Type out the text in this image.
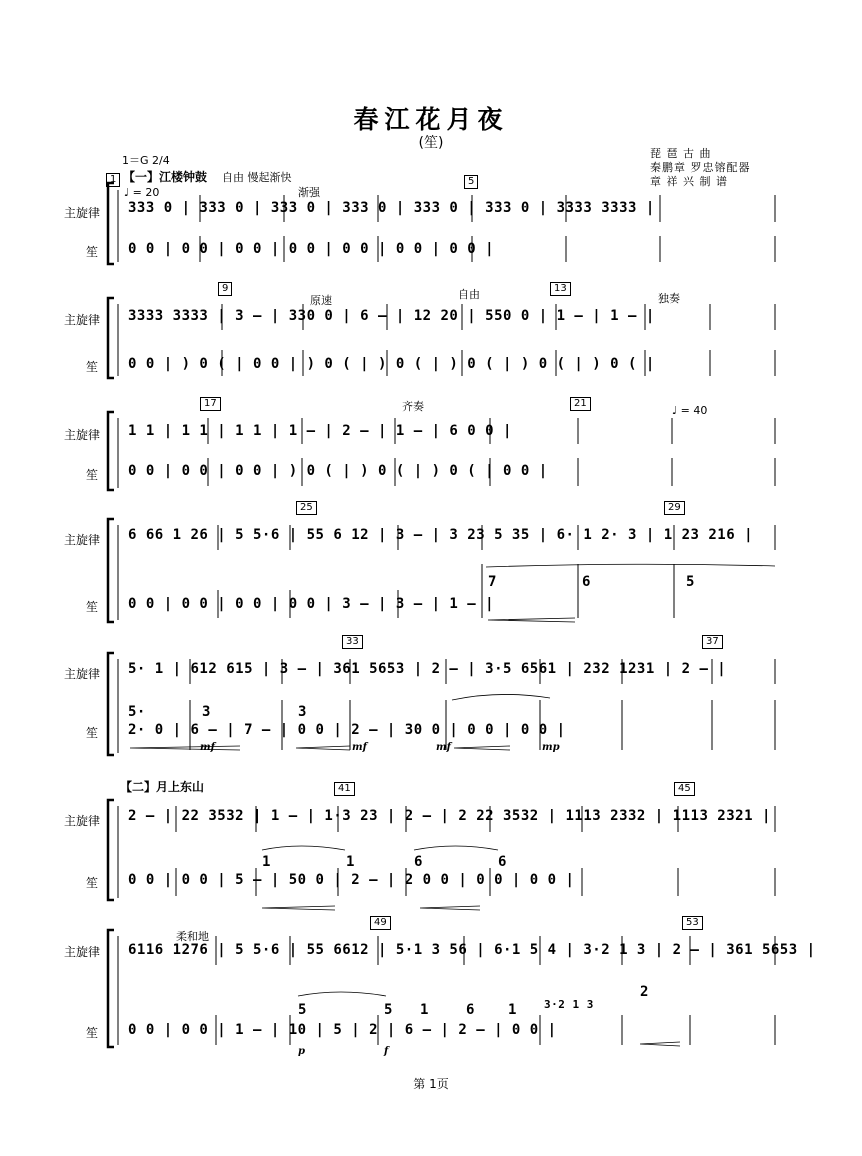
春江花月夜
(笙)
1＝G 2/4
琵 琶 古 曲
秦鹏章 罗忠镕配器
章 祥 兴 制 谱
1 【一】江楼钟鼓 自由 慢起渐快
♩ = 20
主旋律
笙
渐强
5
333 0 | 333 0 | 333 0 | 333 0 | 333 0 | 333 0 | 3333 3333 |
0 0 | 0 0 | 0 0 | 0 0 | 0 0 | 0 0 | 0 0 |
主旋律
笙
9	13
原速	自由	独奏
3333 3333 | 3 – | 330 0 | 6 – | 12 20 | 550 0 | 1 – | 1 – |
0 0 | ) 0 ( | 0 0 | ) 0 ( | ) 0 ( | ) 0 ( | ) 0 ( | ) 0 ( |
主旋律
笙
17	21
齐奏	♩ = 40
1 1 | 1 1 | 1 1 | 1 – | 2 – | 1 – | 6 0 0 |
0 0 | 0 0 | 0 0 | ) 0 ( | ) 0 ( | ) 0 ( | 0 0 |
主旋律
笙
25	29
6 66 1 26 | 5 5·6 | 55 6 12 | 3 – | 3 23 5 35 | 6· 1 2· 3 | 1 23 216 |
0 0 | 0 0 | 0 0 | 0 0 | 3 – | 3 – | 1 – |
7	6	5
主旋律
笙
33	37
5· 1 | 612 615 | 3 – | 361 5653 | 2 – | 3·5 6561 | 232 1231 | 2 – |
2· 0 | 6 – | 7 – | 0 0 | 2 – | 30 0 | 0 0 | 0 0 |
5·	3	3
mf	mf	mf	mp
【二】月上东山
主旋律
笙
41	45
2 – | 22 3532 | 1 – | 1·3 23 | 2 – | 2 22 3532 | 1113 2332 | 1113 2321 |
0 0 | 0 0 | 5 – | 50 0 | 2 – | 2 0 0 | 0 0 | 0 0 |
1	1	6	6
主旋律
笙
柔和地
49	53
6116 1276 | 5 5·6 | 55 6612 | 5·1 3 56 | 6·1 5 4 | 3·2 1 3 | 2 – | 361 5653 |
0 0 | 0 0 | 1 – | 10 | 5 | 2 | 6 – | 2 – | 0 0 |
5	5 1	6 1 3·2 1 3
2
p	f
第 1页
